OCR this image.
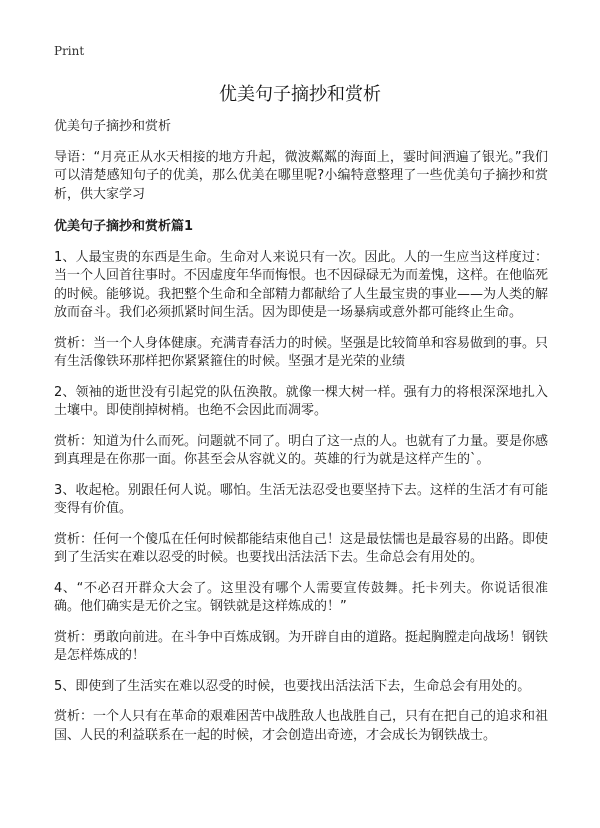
Print
优美句子摘抄和赏析

优美句子摘抄和赏析

导语：“月亮正从水天相接的地方升起，微波粼粼的海面上，霎时间洒遍了银光。”我们可以清楚感知句子的优美，那么优美在哪里呢?小编特意整理了一些优美句子摘抄和赏析，供大家学习

优美句子摘抄和赏析篇1

1、人最宝贵的东西是生命。生命对人来说只有一次。因此。人的一生应当这样度过：当一个人回首往事时。不因虚度年华而悔恨。也不因碌碌无为而羞愧，这样。在他临死的时候。能够说。我把整个生命和全部精力都献给了人生最宝贵的事业——为人类的解放而奋斗。我们必须抓紧时间生活。因为即使是一场暴病或意外都可能终止生命。

赏析：当一个人身体健康。充满青春活力的时候。坚强是比较简单和容易做到的事。只有生活像铁环那样把你紧紧箍住的时候。坚强才是光荣的业绩

2、领袖的逝世没有引起党的队伍涣散。就像一棵大树一样。强有力的将根深深地扎入土壤中。即使削掉树梢。也绝不会因此而凋零。

赏析：知道为什么而死。问题就不同了。明白了这一点的人。也就有了力量。要是你感到真理是在你那一面。你甚至会从容就义的。英雄的行为就是这样产生的`。

3、收起枪。别跟任何人说。哪怕。生活无法忍受也要坚持下去。这样的生活才有可能变得有价值。

赏析：任何一个傻瓜在任何时候都能结束他自己！这是最怯懦也是最容易的出路。即使到了生活实在难以忍受的时候。也要找出活法活下去。生命总会有用处的。

4、“不必召开群众大会了。这里没有哪个人需要宣传鼓舞。托卡列夫。你说话很准确。他们确实是无价之宝。钢铁就是这样炼成的！”

赏析：勇敢向前进。在斗争中百炼成钢。为开辟自由的道路。挺起胸膛走向战场！钢铁是怎样炼成的！

5、即使到了生活实在难以忍受的时候，也要找出活法活下去，生命总会有用处的。

赏析：一个人只有在革命的艰难困苦中战胜敌人也战胜自己，只有在把自己的追求和祖国、人民的利益联系在一起的时候，才会创造出奇迹，才会成长为钢铁战士。
